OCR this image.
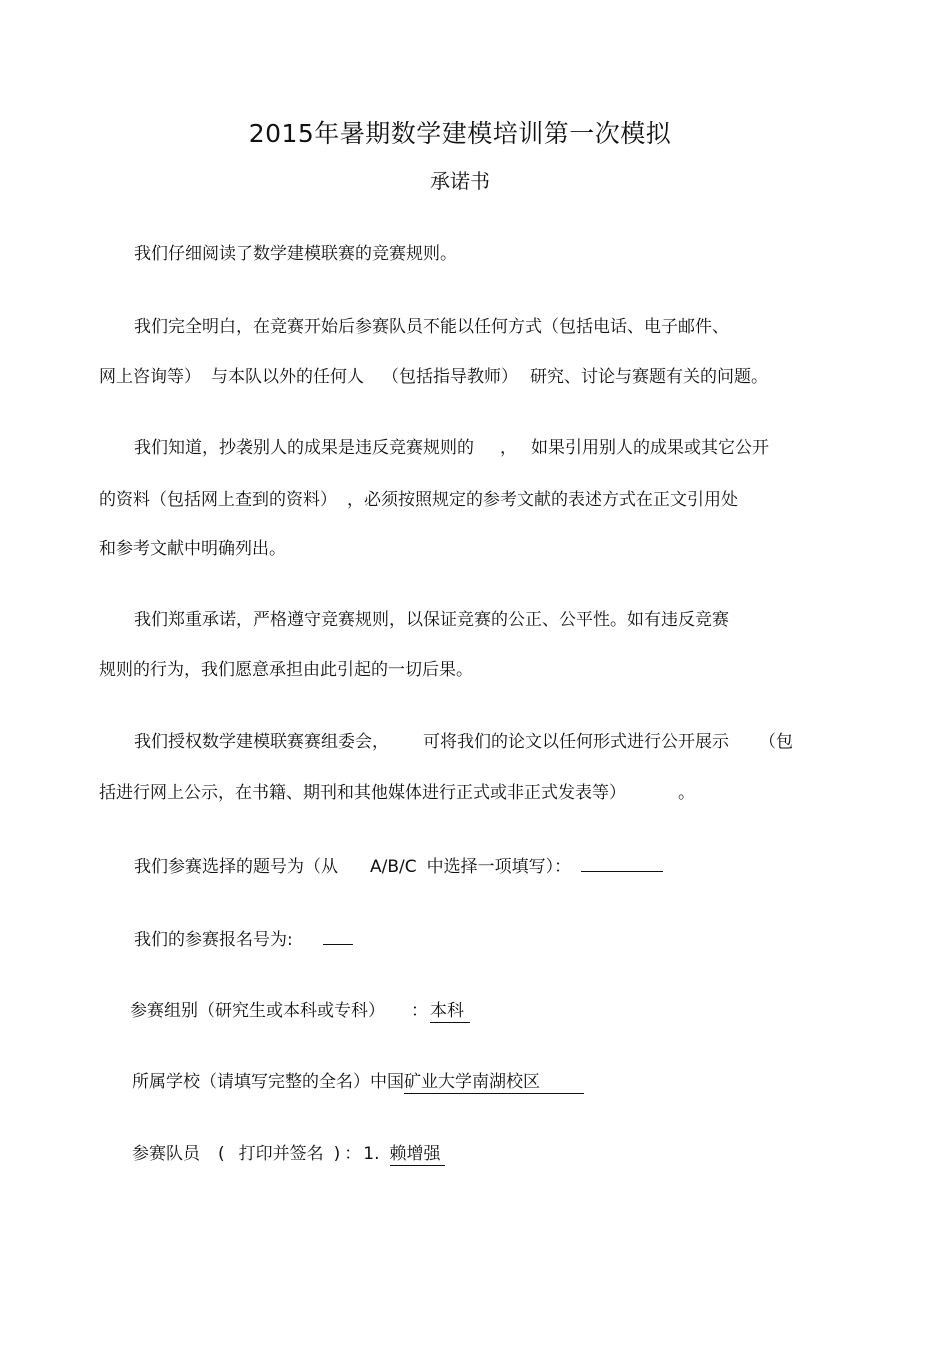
2015年暑期数学建模培训第一次模拟
承诺书
我们仔细阅读了数学建模联赛的竞赛规则。
我们完全明白，在竞赛开始后参赛队员不能以任何方式（包括电话、电子邮件、
网上咨询等） 与本队以外的任何人 （包括指导教师） 研究、讨论与赛题有关的问题。
我们知道，抄袭别人的成果是违反竞赛规则的 ， 如果引用别人的成果或其它公开
的资料（包括网上查到的资料） ，必须按照规定的参考文献的表述方式在正文引用处
和参考文献中明确列出。
我们郑重承诺，严格遵守竞赛规则，以保证竞赛的公正、公平性。如有违反竞赛
规则的行为，我们愿意承担由此引起的一切后果。
我们授权数学建模联赛赛组委会， 可将我们的论文以任何形式进行公开展示 （包
括进行网上公示，在书籍、期刊和其他媒体进行正式或非正式发表等）	。
我们参赛选择的题号为（从 A/B/C 中选择一项填写）：
我们的参赛报名号为:
参赛组别（研究生或本科或专科） ： 本科
所属学校（请填写完整的全名）中国矿业大学南湖校区
参赛队员 ( 打印并签名 ) ： 1. 赖增强
